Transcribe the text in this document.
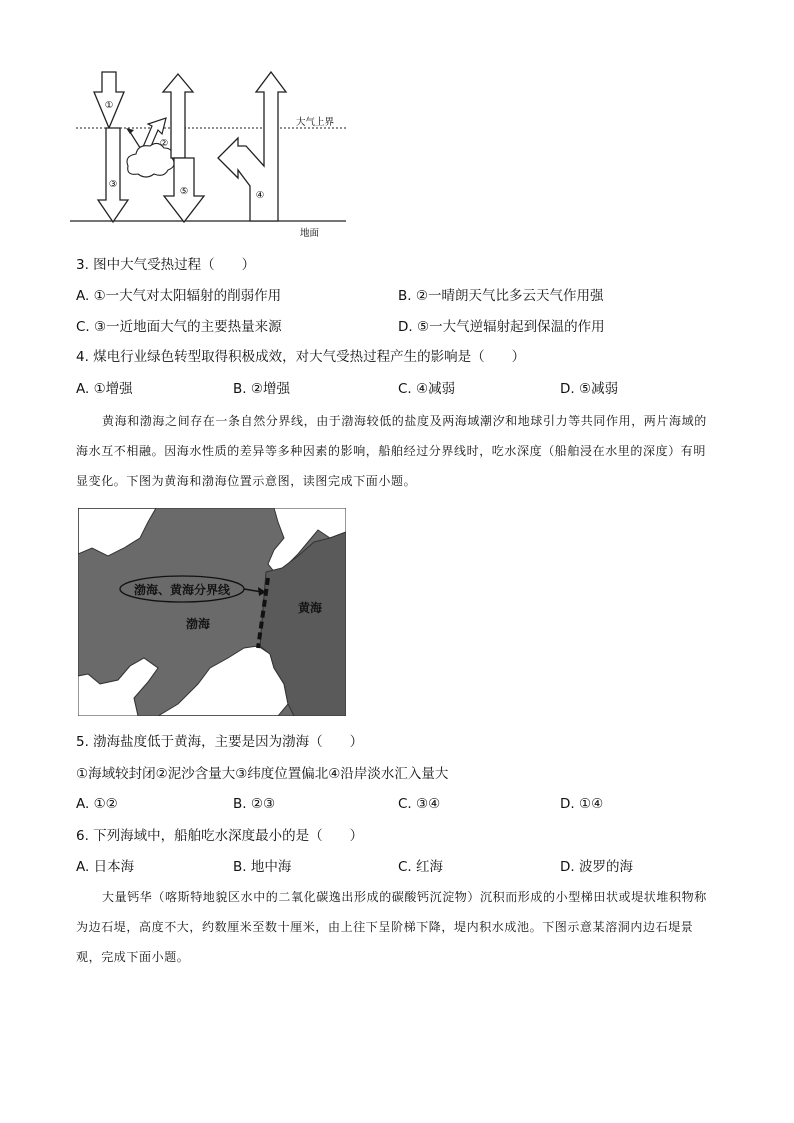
①
②
③
④
⑤
大气上界
地面
3. 图中大气受热过程（　　）
A. ①一大气对太阳辐射的削弱作用	B. ②一晴朗天气比多云天气作用强
C. ③一近地面大气的主要热量来源	D. ⑤一大气逆辐射起到保温的作用
4. 煤电行业绿色转型取得积极成效，对大气受热过程产生的影响是（　　）
A. ①增强	B. ②增强	C. ④减弱	D. ⑤减弱

黄海和渤海之间存在一条自然分界线，由于渤海较低的盐度及两海域潮汐和地球引力等共同作用，两片海域的海水互不相融。因海水性质的差异等多种因素的影响，船舶经过分界线时，吃水深度（船舶浸在水里的深度）有明显变化。下图为黄海和渤海位置示意图，读图完成下面小题。

渤海、黄海分界线
渤海
黄海
5. 渤海盐度低于黄海，主要是因为渤海（　　）
①海域较封闭②泥沙含量大③纬度位置偏北④沿岸淡水汇入量大
A. ①②	B. ②③	C. ③④	D. ①④
6. 下列海域中，船舶吃水深度最小的是（　　）
A. 日本海	B. 地中海	C. 红海	D. 波罗的海

大量钙华（喀斯特地貌区水中的二氧化碳逸出形成的碳酸钙沉淀物）沉积而形成的小型梯田状或堤状堆积物称为边石堤，高度不大，约数厘米至数十厘米，由上往下呈阶梯下降，堤内积水成池。下图示意某溶洞内边石堤景观，完成下面小题。
